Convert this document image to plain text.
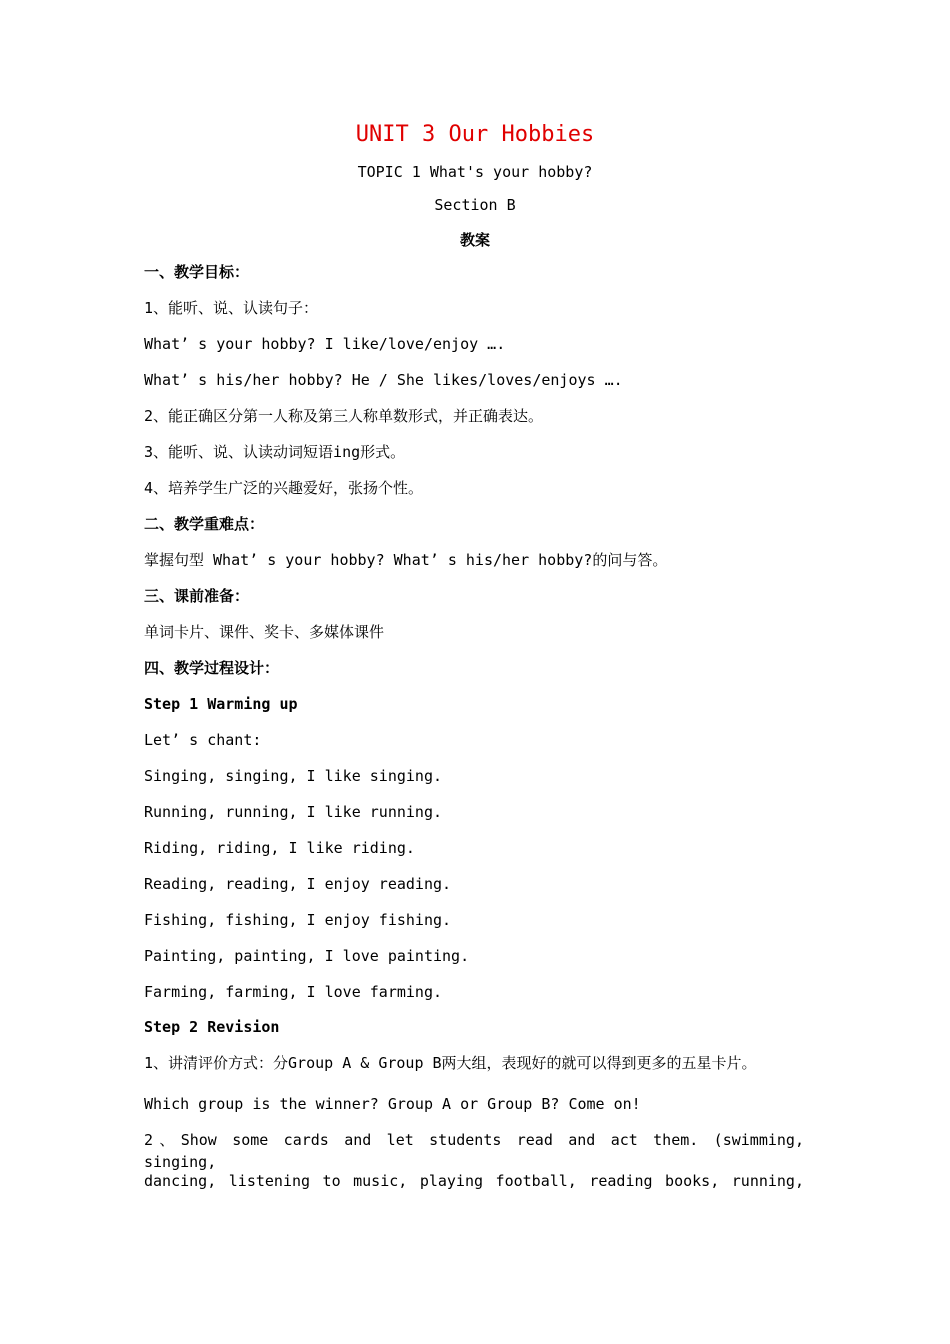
UNIT 3 Our Hobbies
TOPIC 1 What's your hobby?
Section B
教案
一、教学目标：
1、能听、说、认读句子：
What’ s your hobby? I like/love/enjoy ….
What’ s his/her hobby? He / She likes/loves/enjoys ….
2、能正确区分第一人称及第三人称单数形式，并正确表达。
3、能听、说、认读动词短语ing形式。
4、培养学生广泛的兴趣爱好，张扬个性。
二、教学重难点：
掌握句型 What’ s your hobby? What’ s his/her hobby?的问与答。
三、课前准备：
单词卡片、课件、奖卡、多媒体课件
四、教学过程设计：
Step 1 Warming up
Let’ s chant:
Singing, singing, I like singing.
Running, running, I like running.
Riding, riding, I like riding.
Reading, reading, I enjoy reading.
Fishing, fishing, I enjoy fishing.
Painting, painting, I love painting.
Farming, farming, I love farming.
Step 2 Revision
1、讲清评价方式：分Group A & Group B两大组，表现好的就可以得到更多的五星卡片。
Which group is the winner? Group A or Group B? Come on!
2、Show some cards and let students read and act them. (swimming, singing,
dancing, listening to music, playing football, reading books, running,
